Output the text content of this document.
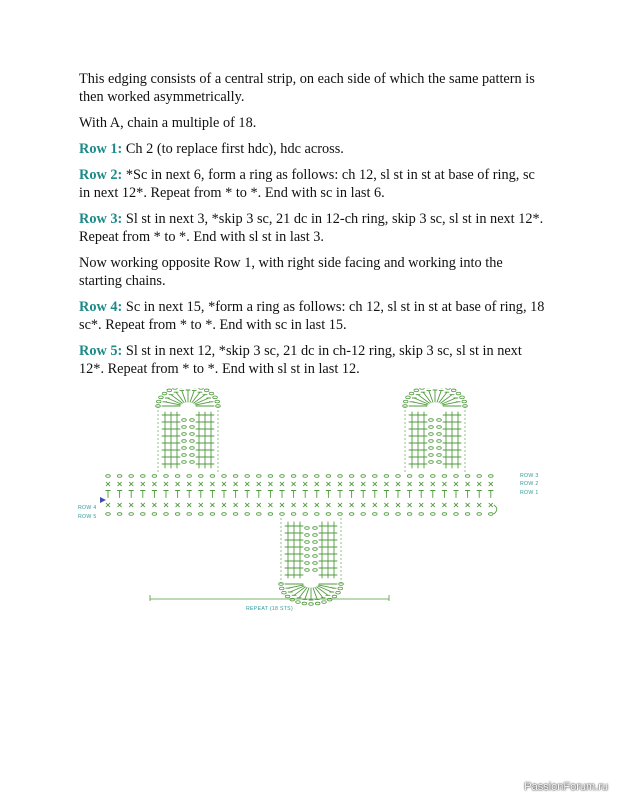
This edging consists of a central strip, on each side of which the same pattern is then worked asymmetrically.

With A, chain a multiple of 18.

Row 1: Ch 2 (to replace first hdc), hdc across.

Row 2: *Sc in next 6, form a ring as follows: ch 12, sl st in st at base of ring, sc in next 12*. Repeat from * to *. End with sc in last 6.

Row 3: Sl st in next 3, *skip 3 sc, 21 dc in 12-ch ring, skip 3 sc, sl st in next 12*. Repeat from * to *. End with sl st in last 3.

Now working opposite Row 1, with right side facing and working into the starting chains.

Row 4: Sc in next 15, *form a ring as follows: ch 12, sl st in st at base of ring, 18 sc*. Repeat from * to *. End with sc in last 15.

Row 5: Sl st in next 12, *skip 3 sc, 21 dc in ch-12 ring, skip 3 sc, sl st in next 12*. Repeat from * to *. End with sl st in last 12.

ROW 3
ROW 2
ROW 1
ROW 4
ROW 5
REPEAT (18 STS)
PassionForum.ru
